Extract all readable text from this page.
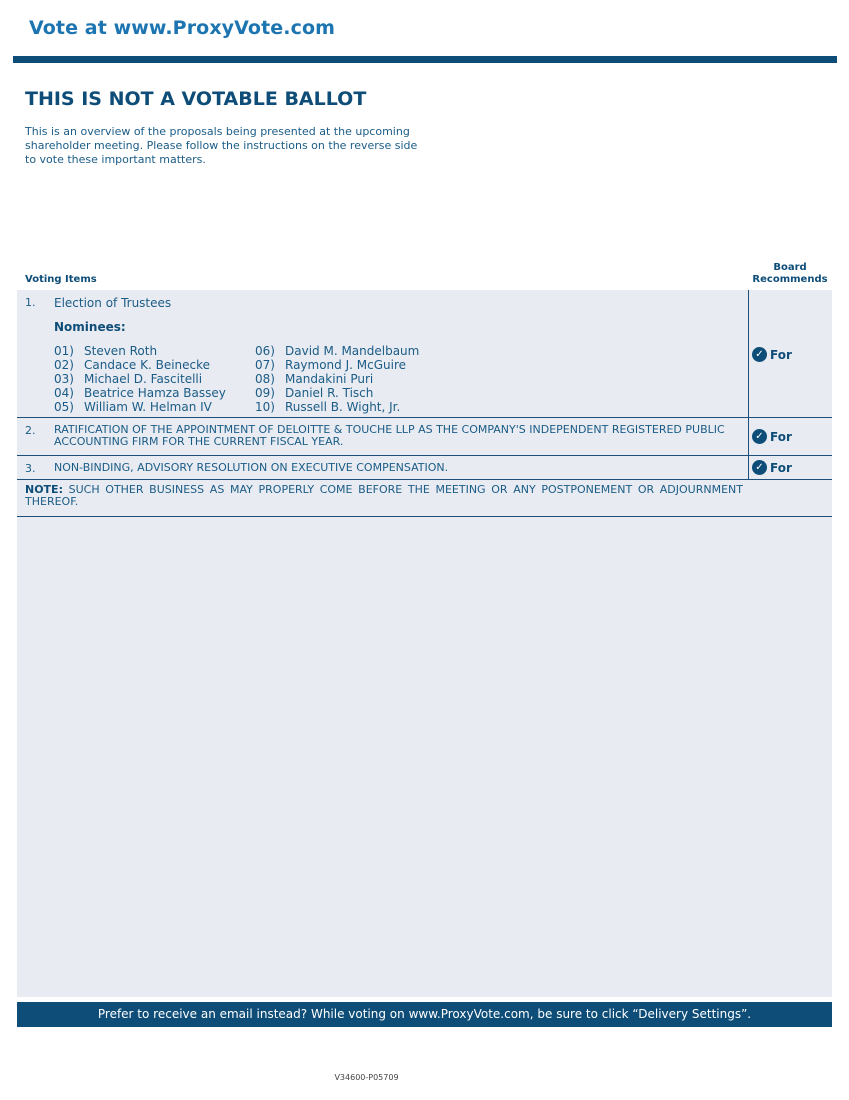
Vote at www.ProxyVote.com
THIS IS NOT A VOTABLE BALLOT
This is an overview of the proposals being presented at the upcoming shareholder meeting. Please follow the instructions on the reverse side to vote these important matters.
Voting Items
Board
Recommends
1. Election of Trustees
Nominees:
01) Steven Roth
02) Candace K. Beinecke
03) Michael D. Fascitelli
04) Beatrice Hamza Bassey
05) William W. Helman IV
06) David M. Mandelbaum
07) Raymond J. McGuire
08) Mandakini Puri
09) Daniel R. Tisch
10) Russell B. Wight, Jr.
✓ For
2. RATIFICATION OF THE APPOINTMENT OF DELOITTE & TOUCHE LLP AS THE COMPANY'S INDEPENDENT REGISTERED PUBLIC ACCOUNTING FIRM FOR THE CURRENT FISCAL YEAR.	✓ For
3. NON-BINDING, ADVISORY RESOLUTION ON EXECUTIVE COMPENSATION.	✓ For
NOTE: SUCH OTHER BUSINESS AS MAY PROPERLY COME BEFORE THE MEETING OR ANY POSTPONEMENT OR ADJOURNMENT THEREOF.
Prefer to receive an email instead? While voting on www.ProxyVote.com, be sure to click “Delivery Settings”.
V34600-P05709
